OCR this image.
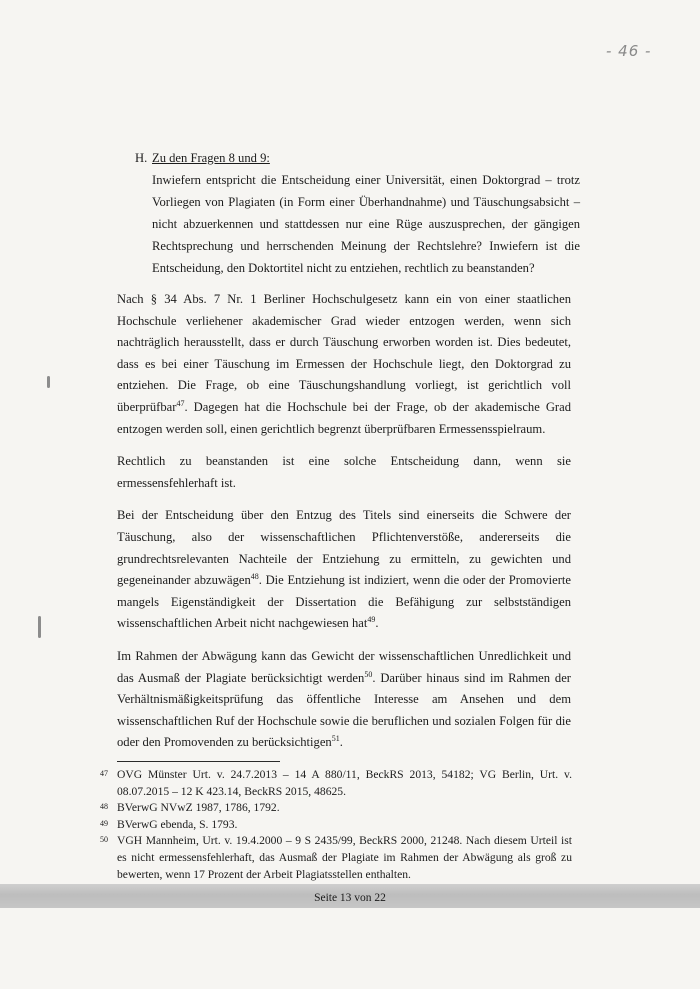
- 46 -

H. Zu den Fragen 8 und 9:

Inwiefern entspricht die Entscheidung einer Universität, einen Doktorgrad – trotz Vorliegen von Plagiaten (in Form einer Überhandnahme) und Täuschungsabsicht – nicht abzuerkennen und stattdessen nur eine Rüge auszusprechen, der gängigen Rechtsprechung und herrschenden Meinung der Rechtslehre? Inwiefern ist die Entscheidung, den Doktortitel nicht zu entziehen, rechtlich zu beanstanden?

Nach § 34 Abs. 7 Nr. 1 Berliner Hochschulgesetz kann ein von einer staatlichen Hochschule verliehener akademischer Grad wieder entzogen werden, wenn sich nachträglich herausstellt, dass er durch Täuschung erworben worden ist. Dies bedeutet, dass es bei einer Täuschung im Ermessen der Hochschule liegt, den Doktorgrad zu entziehen. Die Frage, ob eine Täuschungshandlung vorliegt, ist gerichtlich voll überprüfbar$^{47}$. Dagegen hat die Hochschule bei der Frage, ob der akademische Grad entzogen werden soll, einen gerichtlich begrenzt überprüfbaren Ermessensspielraum.

Rechtlich zu beanstanden ist eine solche Entscheidung dann, wenn sie ermessensfehlerhaft ist.

Bei der Entscheidung über den Entzug des Titels sind einerseits die Schwere der Täuschung, also der wissenschaftlichen Pflichtenverstöße, andererseits die grundrechtsrelevanten Nachteile der Entziehung zu ermitteln, zu gewichten und gegeneinander abzuwägen$^{48}$. Die Entziehung ist indiziert, wenn die oder der Promovierte mangels Eigenständigkeit der Dissertation die Befähigung zur selbstständigen wissenschaftlichen Arbeit nicht nachgewiesen hat$^{49}$.

Im Rahmen der Abwägung kann das Gewicht der wissenschaftlichen Unredlichkeit und das Ausmaß der Plagiate berücksichtigt werden$^{50}$. Darüber hinaus sind im Rahmen der Verhältnismäßigkeitsprüfung das öffentliche Interesse am Ansehen und dem wissenschaftlichen Ruf der Hochschule sowie die beruflichen und sozialen Folgen für die oder den Promovenden zu berücksichtigen$^{51}$.

47 OVG Münster Urt. v. 24.7.2013 – 14 A 880/11, BeckRS 2013, 54182; VG Berlin, Urt. v. 08.07.2015 – 12 K 423.14, BeckRS 2015, 48625.

48 BVerwG NVwZ 1987, 1786, 1792.

49 BVerwG ebenda, S. 1793.

50 VGH Mannheim, Urt. v. 19.4.2000 – 9 S 2435/99, BeckRS 2000, 21248. Nach diesem Urteil ist es nicht ermessensfehlerhaft, das Ausmaß der Plagiate im Rahmen der Abwägung als groß zu bewerten, wenn 17 Prozent der Arbeit Plagiatsstellen enthalten.

Seite 13 von 22
